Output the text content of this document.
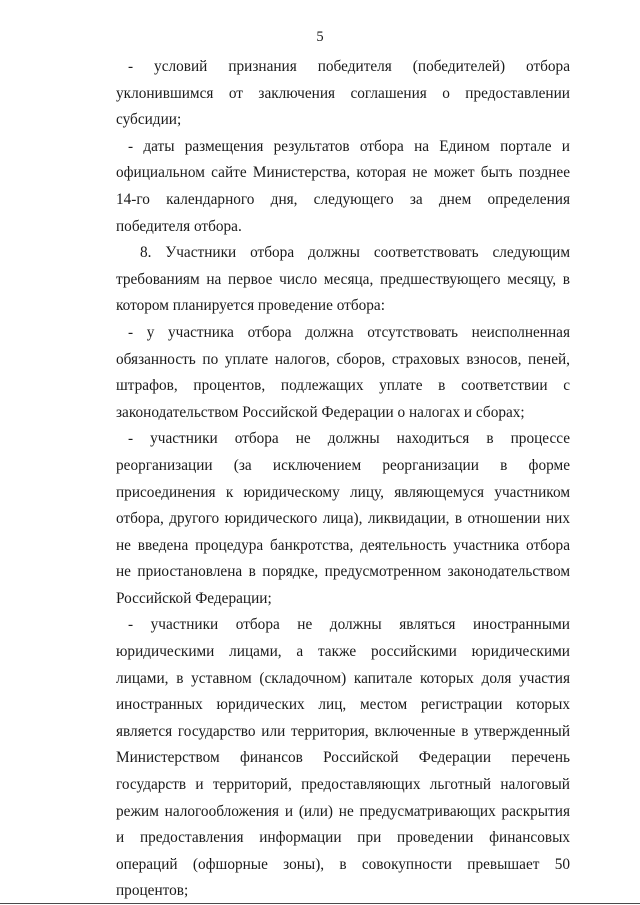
5

- условий признания победителя (победителей) отбора уклонившимся от заключения соглашения о предоставлении субсидии;

- даты размещения результатов отбора на Едином портале и официальном сайте Министерства, которая не может быть позднее 14-го календарного дня, следующего за днем определения победителя отбора.

8. Участники отбора должны соответствовать следующим требованиям на первое число месяца, предшествующего месяцу, в котором планируется проведение отбора:

- у участника отбора должна отсутствовать неисполненная обязанность по уплате налогов, сборов, страховых взносов, пеней, штрафов, процентов, подлежащих уплате в соответствии с законодательством Российской Федерации о налогах и сборах;

- участники отбора не должны находиться в процессе реорганизации (за исключением реорганизации в форме присоединения к юридическому лицу, являющемуся участником отбора, другого юридического лица), ликвидации, в отношении них не введена процедура банкротства, деятельность участника отбора не приостановлена в порядке, предусмотренном законодательством Российской Федерации;

- участники отбора не должны являться иностранными юридическими лицами, а также российскими юридическими лицами, в уставном (складочном) капитале которых доля участия иностранных юридических лиц, местом регистрации которых является государство или территория, включенные в утвержденный Министерством финансов Российской Федерации перечень государств и территорий, предоставляющих льготный налоговый режим налогообложения и (или) не предусматривающих раскрытия и предоставления информации при проведении финансовых операций (офшорные зоны), в совокупности превышает 50 процентов;
